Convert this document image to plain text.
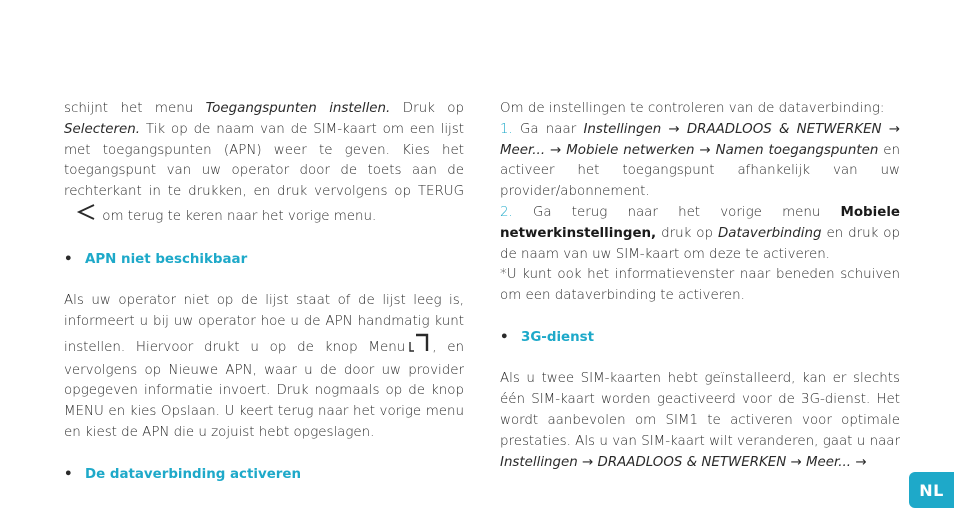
schijnt het menu Toegangspunten instellen. Druk op Selecteren. Tik op de naam van de SIM-kaart om een lijst met toegangspunten (APN) weer te geven. Kies het toegangspunt van uw operator door de toets aan de rechterkant in te drukken, en druk vervolgens op TERUG om terug te keren naar het vorige menu.

• APN niet beschikbaar

Als uw operator niet op de lijst staat of de lijst leeg is, informeert u bij uw operator hoe u de APN handmatig kunt instellen. Hiervoor drukt u op de knop Menu , en vervolgens op Nieuwe APN, waar u de door uw provider opgegeven informatie invoert. Druk nogmaals op de knop MENU en kies Opslaan. U keert terug naar het vorige menu en kiest de APN die u zojuist hebt opgeslagen.

• De dataverbinding activeren

Om de instellingen te controleren van de dataverbinding:

1. Ga naar Instellingen → DRAADLOOS & NETWERKEN → Meer... → Mobiele netwerken → Namen toegangspunten en activeer het toegangspunt afhankelijk van uw provider/abonnement.

2. Ga terug naar het vorige menu Mobiele netwerkinstellingen, druk op Dataverbinding en druk op de naam van uw SIM-kaart om deze te activeren.

*U kunt ook het informatievenster naar beneden schuiven om een dataverbinding te activeren.

• 3G-dienst

Als u twee SIM-kaarten hebt geïnstalleerd, kan er slechts één SIM-kaart worden geactiveerd voor de 3G-dienst. Het wordt aanbevolen om SIM1 te activeren voor optimale prestaties. Als u van SIM-kaart wilt veranderen, gaat u naar Instellingen → DRAADLOOS & NETWERKEN → Meer... →

NL
